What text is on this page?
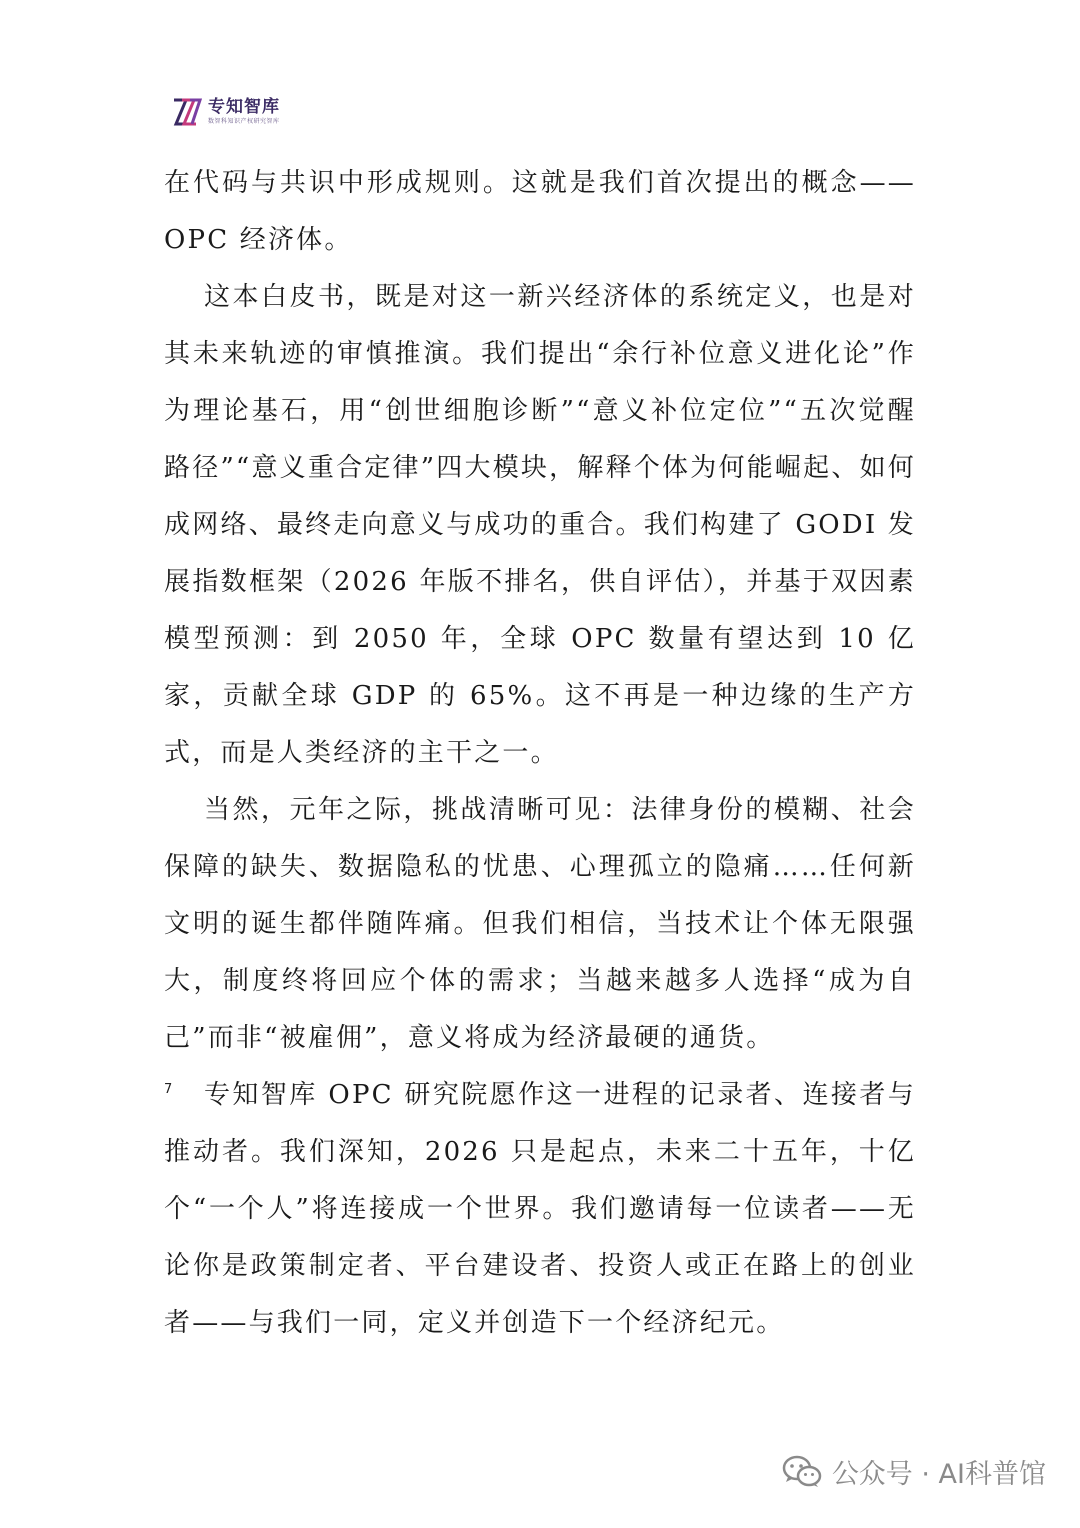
专知智库
数智科知识产权研究智库

在代码与共识中形成规则。这就是我们首次提出的概念——OPC 经济体。

这本白皮书，既是对这一新兴经济体的系统定义，也是对其未来轨迹的审慎推演。我们提出“余行补位意义进化论”作为理论基石，用“创世细胞诊断”“意义补位定位”“五次觉醒路径”“意义重合定律”四大模块，解释个体为何能崛起、如何成网络、最终走向意义与成功的重合。我们构建了 GODI 发展指数框架（2026 年版不排名，供自评估），并基于双因素模型预测：到 2050 年，全球 OPC 数量有望达到 10 亿家，贡献全球 GDP 的 65%。这不再是一种边缘的生产方式，而是人类经济的主干之一。

当然，元年之际，挑战清晰可见：法律身份的模糊、社会保障的缺失、数据隐私的忧患、心理孤立的隐痛……任何新文明的诞生都伴随阵痛。但我们相信，当技术让个体无限强大，制度终将回应个体的需求；当越来越多人选择“成为自己”而非“被雇佣”，意义将成为经济最硬的通货。

专知智库 OPC 研究院愿作这一进程的记录者、连接者与推动者。我们深知，2026 只是起点，未来二十五年，十亿个“一个人”将连接成一个世界。我们邀请每一位读者——无论你是政策制定者、平台建设者、投资人或正在路上的创业者——与我们一同，定义并创造下一个经济纪元。

7
公众号 · AI科普馆
